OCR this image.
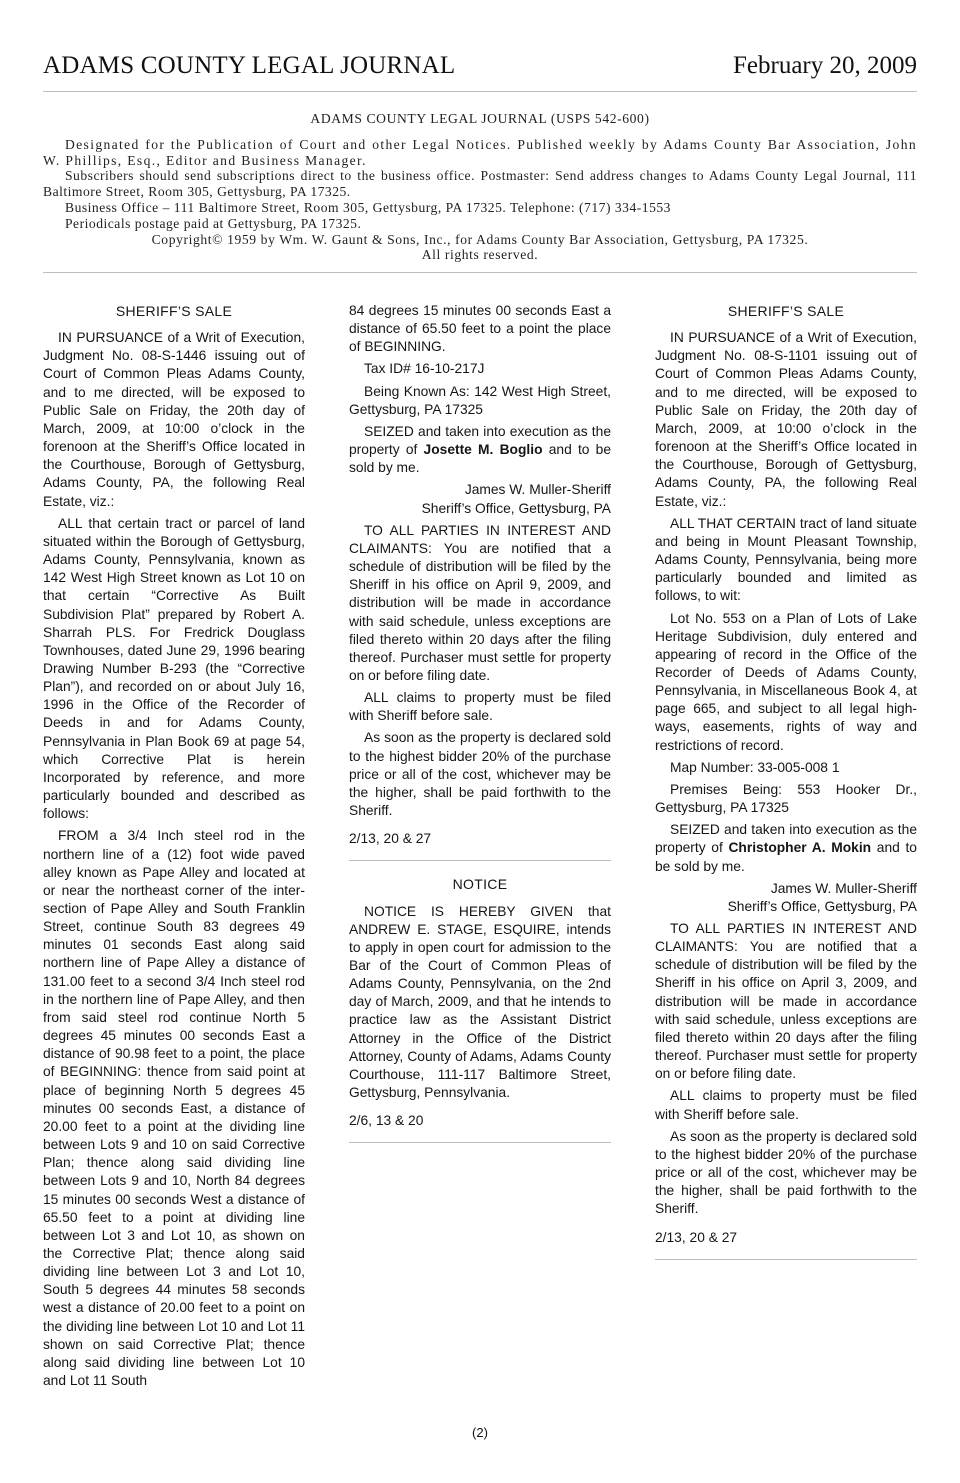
ADAMS COUNTY LEGAL JOURNAL	February 20, 2009
ADAMS COUNTY LEGAL JOURNAL (USPS 542-600)
Designated for the Publication of Court and other Legal Notices. Published weekly by Adams County Bar Association, John W. Phillips, Esq., Editor and Business Manager.
Subscribers should send subscriptions direct to the business office. Postmaster: Send address changes to Adams County Legal Journal, 111 Baltimore Street, Room 305, Gettysburg, PA 17325.
Business Office – 111 Baltimore Street, Room 305, Gettysburg, PA 17325. Telephone: (717) 334-1553
Periodicals postage paid at Gettysburg, PA 17325.
Copyright© 1959 by Wm. W. Gaunt & Sons, Inc., for Adams County Bar Association, Gettysburg, PA 17325.
All rights reserved.
SHERIFF’S SALE

IN PURSUANCE of a Writ of Execution, Judgment No. 08-S-1446 issuing out of Court of Common Pleas Adams County, and to me directed, will be exposed to Public Sale on Friday, the 20th day of March, 2009, at 10:00 o’clock in the forenoon at the Sheriff’s Office located in the Courthouse, Borough of Gettysburg, Adams County, PA, the following Real Estate, viz.:

ALL that certain tract or parcel of land situated within the Borough of Gettysburg, Adams County, Pennsylvania, known as 142 West High Street known as Lot 10 on that certain “Corrective As Built Subdivision Plat” prepared by Robert A. Sharrah PLS. For Fredrick Douglass Townhouses, dated June 29, 1996 bearing Drawing Number B-293 (the “Corrective Plan”), and recorded on or about July 16, 1996 in the Office of the Recorder of Deeds in and for Adams County, Pennsylvania in Plan Book 69 at page 54, which Corrective Plat is herein Incorporated by reference, and more particularly bounded and described as follows:

FROM a 3/4 Inch steel rod in the northern line of a (12) foot wide paved alley known as Pape Alley and located at or near the northeast corner of the intersection of Pape Alley and South Franklin Street, continue South 83 degrees 49 minutes 01 seconds East along said northern line of Pape Alley a distance of 131.00 feet to a second 3/4 Inch steel rod in the northern line of Pape Alley, and then from said steel rod continue North 5 degrees 45 minutes 00 seconds East a distance of 90.98 feet to a point, the place of BEGINNING: thence from said point at place of beginning North 5 degrees 45 minutes 00 seconds East, a distance of 20.00 feet to a point at the dividing line between Lots 9 and 10 on said Corrective Plan; thence along said dividing line between Lots 9 and 10, North 84 degrees 15 minutes 00 seconds West a distance of 65.50 feet to a point at dividing line between Lot 3 and Lot 10, as shown on the Corrective Plat; thence along said dividing line between Lot 3 and Lot 10, South 5 degrees 44 minutes 58 seconds west a distance of 20.00 feet to a point on the dividing line between Lot 10 and Lot 11 shown on said Corrective Plat; thence along said dividing line between Lot 10 and Lot 11 South

84 degrees 15 minutes 00 seconds East a distance of 65.50 feet to a point the place of BEGINNING.

Tax ID# 16-10-217J

Being Known As: 142 West High Street, Gettysburg, PA 17325

SEIZED and taken into execution as the property of Josette M. Boglio and to be sold by me.

James W. Muller-Sheriff

Sheriff’s Office, Gettysburg, PA

TO ALL PARTIES IN INTEREST AND CLAIMANTS: You are notified that a schedule of distribution will be filed by the Sheriff in his office on April 9, 2009, and distribution will be made in accordance with said schedule, unless exceptions are filed thereto within 20 days after the filing thereof. Purchaser must settle for property on or before filing date.

ALL claims to property must be filed with Sheriff before sale.

As soon as the property is declared sold to the highest bidder 20% of the purchase price or all of the cost, whichever may be the higher, shall be paid forthwith to the Sheriff.

2/13, 20 & 27

NOTICE

NOTICE IS HEREBY GIVEN that ANDREW E. STAGE, ESQUIRE, intends to apply in open court for admission to the Bar of the Court of Common Pleas of Adams County, Pennsylvania, on the 2nd day of March, 2009, and that he intends to practice law as the Assistant District Attorney in the Office of the District Attorney, County of Adams, Adams County Courthouse, 111-117 Baltimore Street, Gettysburg, Pennsylvania.

2/6, 13 & 20

SHERIFF’S SALE

IN PURSUANCE of a Writ of Execution, Judgment No. 08-S-1101 issuing out of Court of Common Pleas Adams County, and to me directed, will be exposed to Public Sale on Friday, the 20th day of March, 2009, at 10:00 o’clock in the forenoon at the Sheriff’s Office located in the Courthouse, Borough of Gettysburg, Adams County, PA, the following Real Estate, viz.:

ALL THAT CERTAIN tract of land situate and being in Mount Pleasant Township, Adams County, Pennsylvania, being more particularly bounded and limited as follows, to wit:

Lot No. 553 on a Plan of Lots of Lake Heritage Subdivision, duly entered and appearing of record in the Office of the Recorder of Deeds of Adams County, Pennsylvania, in Miscellaneous Book 4, at page 665, and subject to all legal highways, easements, rights of way and restrictions of record.

Map Number: 33-005-008 1

Premises Being: 553 Hooker Dr., Gettysburg, PA 17325

SEIZED and taken into execution as the property of Christopher A. Mokin and to be sold by me.

James W. Muller-Sheriff

Sheriff’s Office, Gettysburg, PA

TO ALL PARTIES IN INTEREST AND CLAIMANTS: You are notified that a schedule of distribution will be filed by the Sheriff in his office on April 3, 2009, and distribution will be made in accordance with said schedule, unless exceptions are filed thereto within 20 days after the filing thereof. Purchaser must settle for property on or before filing date.

ALL claims to property must be filed with Sheriff before sale.

As soon as the property is declared sold to the highest bidder 20% of the purchase price or all of the cost, whichever may be the higher, shall be paid forthwith to the Sheriff.

2/13, 20 & 27

(2)
